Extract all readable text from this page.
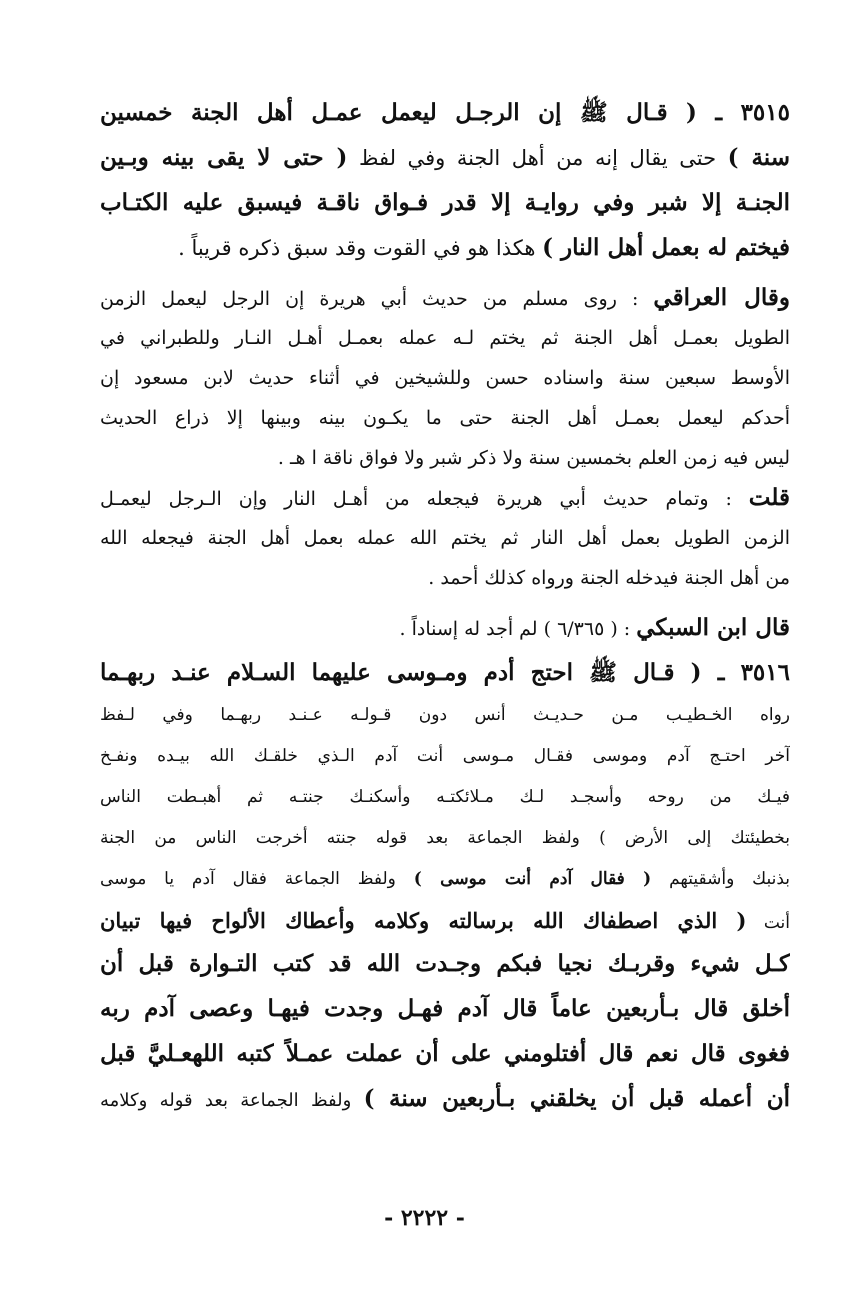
٣٥١٥ ـ ( قـال ﷺ إن الرجـل ليعمل عمـل أهل الجنة خمسين
سنة ) حتى يقال إنه من أهل الجنة وفي لفظ ( حتى لا يقى بينه وبـين
الجنـة إلا شبر وفي روايـة إلا قدر فـواق ناقـة فيسبق عليه الكتـاب
فيختم له بعمل أهل النار ) هكذا هو في القوت وقد سبق ذكره قريباً .
وقال العراقي : روى مسلم من حديث أبي هريرة إن الرجل ليعمل الزمن
الطويل بعمـل أهل الجنة ثم يختم لـه عمله بعمـل أهـل النـار وللطبراني في
الأوسط سبعين سنة واسناده حسن وللشيخين في أثناء حديث لابن مسعود إن
أحدكم ليعمل بعمـل أهل الجنة حتى ما يكـون بينه وبينها إلا ذراع الحديث
ليس فيه زمن العلم بخمسين سنة ولا ذكر شبر ولا فواق ناقة ا هـ .
قلت : وتمام حديث أبي هريرة فيجعله من أهـل النار وإن الـرجل ليعمـل
الزمن الطويل بعمل أهل النار ثم يختم الله عمله بعمل أهل الجنة فيجعله الله
من أهل الجنة فيدخله الجنة ورواه كذلك أحمد .
قال ابن السبكي : ( ٦/٣٦٥ ) لم أجد له إسناداً .
٣٥١٦ ـ ( قـال ﷺ احتج أدم ومـوسى عليهما السـلام عنـد ربهـما
رواه الخـطيـب مـن حـديـث أنس دون قـولـه عـنـد ربهـما وفي لـفظ
آخر احتـج آدم وموسى فقـال مـوسى أنت آدم الـذي خلقـك الله بيـده ونفـخ
فيـك من روحه وأسجـد لـك مـلائكتـه وأسكنـك جنتـه ثم أهبـطت الناس
بخطيئتك إلى الأرض ) ولفظ الجماعة بعد قوله جنته أخرجت الناس من الجنة
بذنبك وأشقيتهم ( فقال آدم أنت موسى ) ولفظ الجماعة فقال آدم يا موسى
أنت ( الذي اصطفاك الله برسالته وكلامه وأعطاك الألواح فيها تبيان
كـل شيء وقربـك نجيا فبكم وجـدت الله قد كتب التـوارة قبل أن
أخلق قال بـأربعين عاماً قال آدم فهـل وجدت فيهـا وعصى آدم ربه
فغوى قال نعم قال أفتلومني على أن عملت عمـلاً كتبه اللهعـليَّ قبل
أن أعمله قبل أن يخلقني بـأربعين سنة ) ولفظ الجماعة بعد قوله وكلامه
- ٢٢٢٢ -
